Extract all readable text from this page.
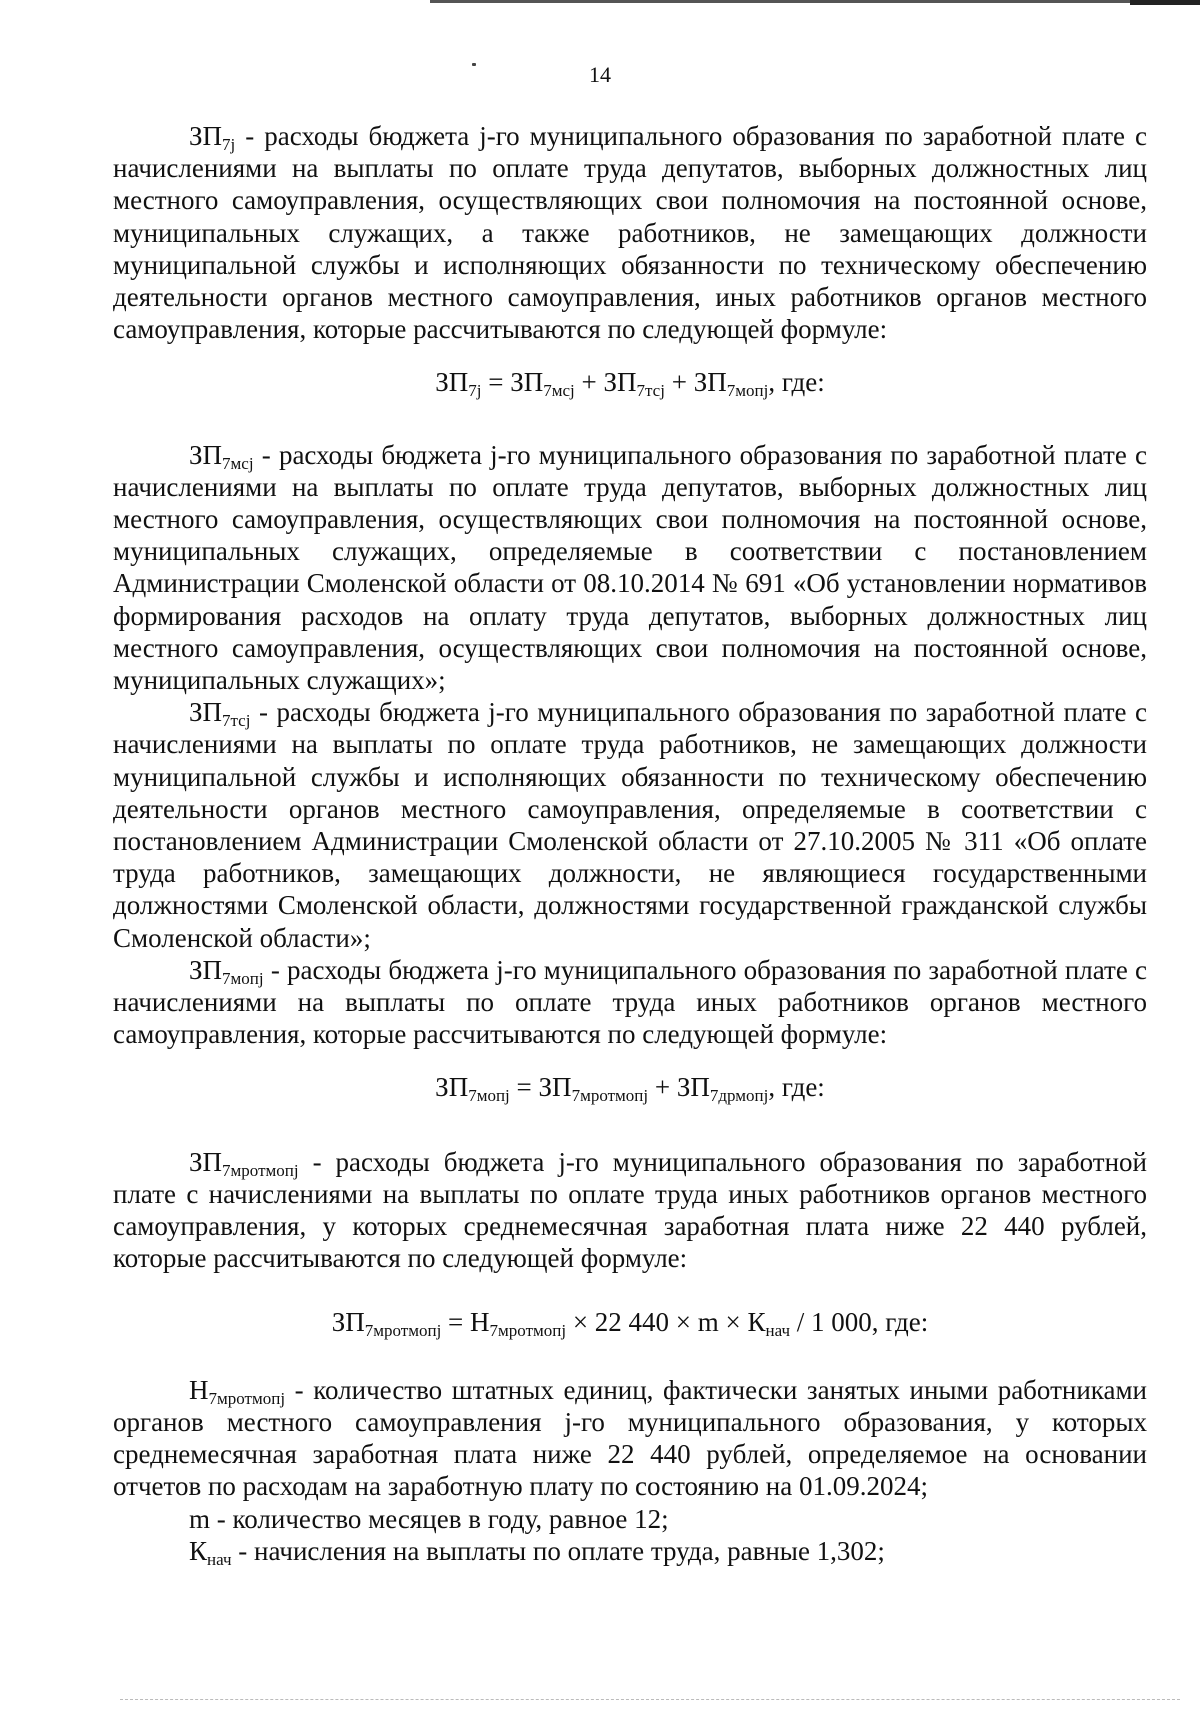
14

$ЗП_{7j}$ - расходы бюджета j-го муниципального образования по заработной плате с начислениями на выплаты по оплате труда депутатов, выборных должностных лиц местного самоуправления, осуществляющих свои полномочия на постоянной основе, муниципальных служащих, а также работников, не замещающих должности муниципальной службы и исполняющих обязанности по техническому обеспечению деятельности органов местного самоуправления, иных работников органов местного самоуправления, которые рассчитываются по следующей формуле:

$ЗП_{7j} = ЗП_{7мсj} + ЗП_{7тсj} + ЗП_{7мопj}$, где:

$ЗП_{7мсj}$ - расходы бюджета j-го муниципального образования по заработной плате с начислениями на выплаты по оплате труда депутатов, выборных должностных лиц местного самоуправления, осуществляющих свои полномочия на постоянной основе, муниципальных служащих, определяемые в соответствии с постановлением Администрации Смоленской области от 08.10.2014 № 691 «Об установлении нормативов формирования расходов на оплату труда депутатов, выборных должностных лиц местного самоуправления, осуществляющих свои полномочия на постоянной основе, муниципальных служащих»;

$ЗП_{7тсj}$ - расходы бюджета j-го муниципального образования по заработной плате с начислениями на выплаты по оплате труда работников, не замещающих должности муниципальной службы и исполняющих обязанности по техническому обеспечению деятельности органов местного самоуправления, определяемые в соответствии с постановлением Администрации Смоленской области от 27.10.2005 № 311 «Об оплате труда работников, замещающих должности, не являющиеся государственными должностями Смоленской области, должностями государственной гражданской службы Смоленской области»;

$ЗП_{7мопj}$ - расходы бюджета j-го муниципального образования по заработной плате с начислениями на выплаты по оплате труда иных работников органов местного самоуправления, которые рассчитываются по следующей формуле:

$ЗП_{7мопj} = ЗП_{7мротмопj} + ЗП_{7дрмопj}$, где:

$ЗП_{7мротмопj}$ - расходы бюджета j-го муниципального образования по заработной плате с начислениями на выплаты по оплате труда иных работников органов местного самоуправления, у которых среднемесячная заработная плата ниже 22 440 рублей, которые рассчитываются по следующей формуле:

$ЗП_{7мротмопj} = Н_{7мротмопj} \times 22$ $440 \times m \times К_{нач} / 1$ 000, где:

$Н_{7мротмопj}$ - количество штатных единиц, фактически занятых иными работниками органов местного самоуправления j-го муниципального образования, у которых среднемесячная заработная плата ниже 22 440 рублей, определяемое на основании отчетов по расходам на заработную плату по состоянию на 01.09.2024;

m - количество месяцев в году, равное 12;

$К_{нач}$ - начисления на выплаты по оплате труда, равные 1,302;
